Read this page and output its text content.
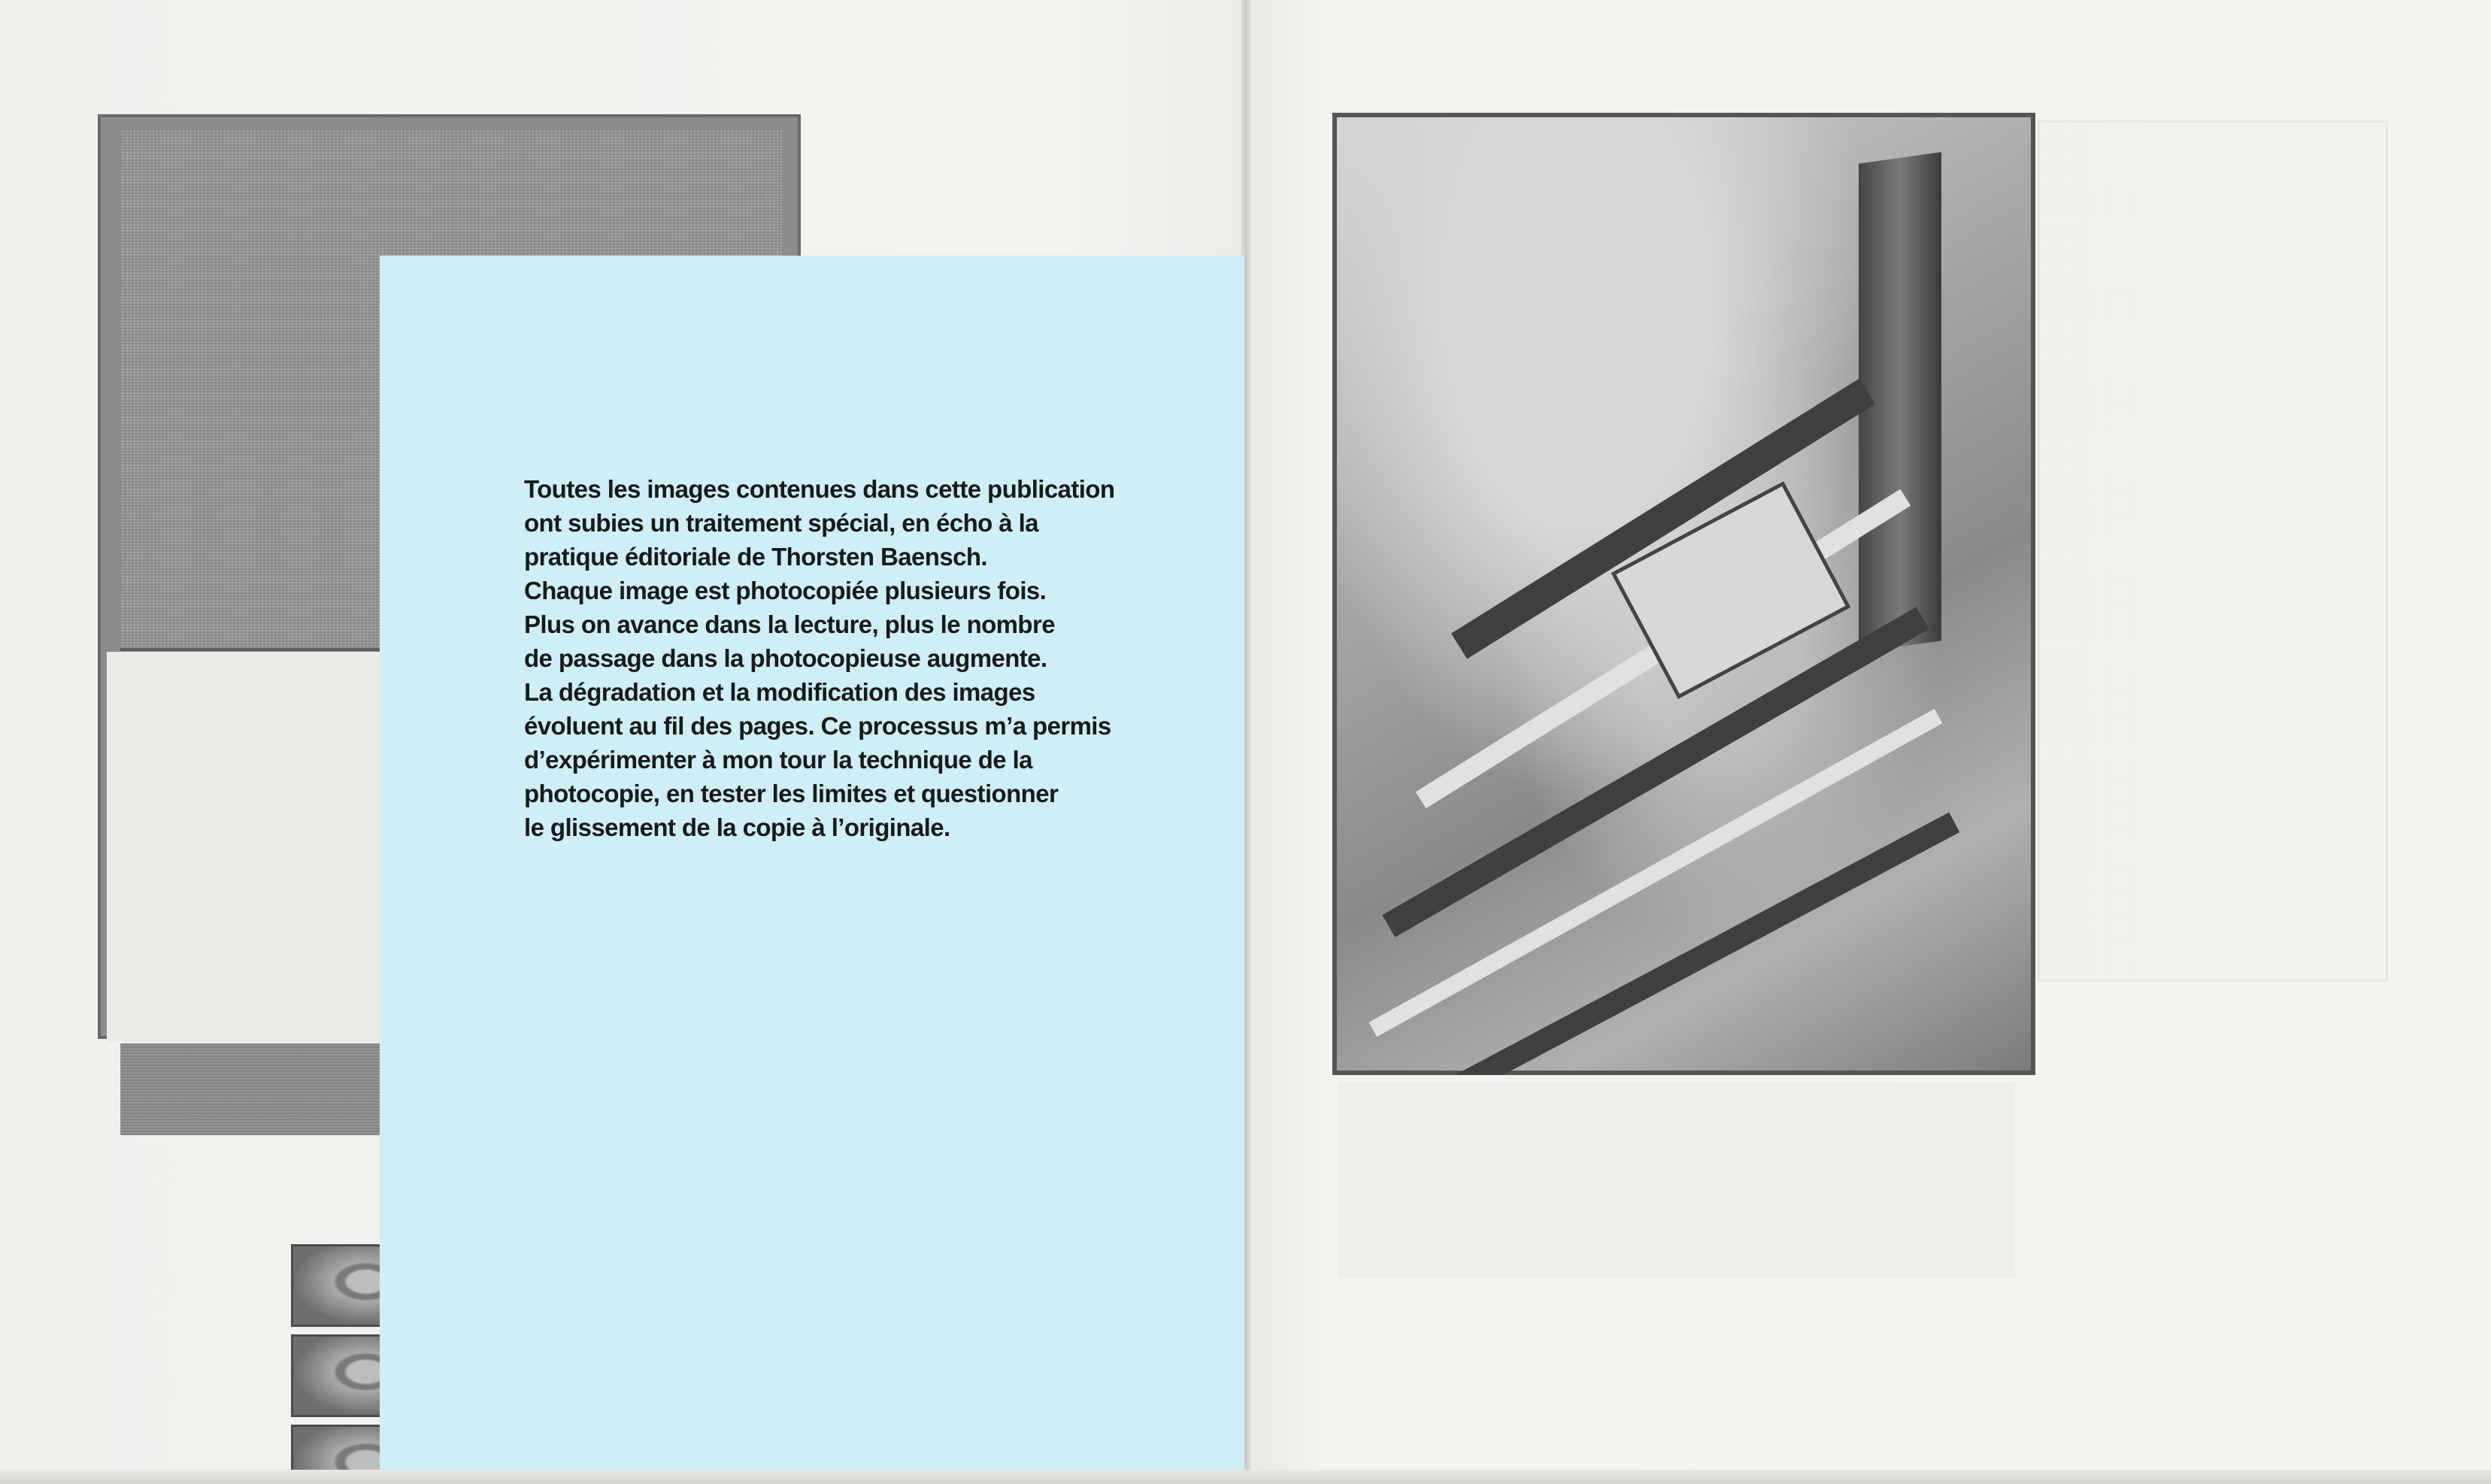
Toutes les images contenues dans cette publication
ont subies un traitement spécial, en écho à la
pratique éditoriale de Thorsten Baensch.
Chaque image est photocopiée plusieurs fois.
Plus on avance dans la lecture, plus le nombre
de passage dans la photocopieuse augmente.
La dégradation et la modification des images
évoluent au fil des pages. Ce processus m’a permis
d’expérimenter à mon tour la technique de la
photocopie, en tester les limites et questionner
le glissement de la copie à l’originale.
